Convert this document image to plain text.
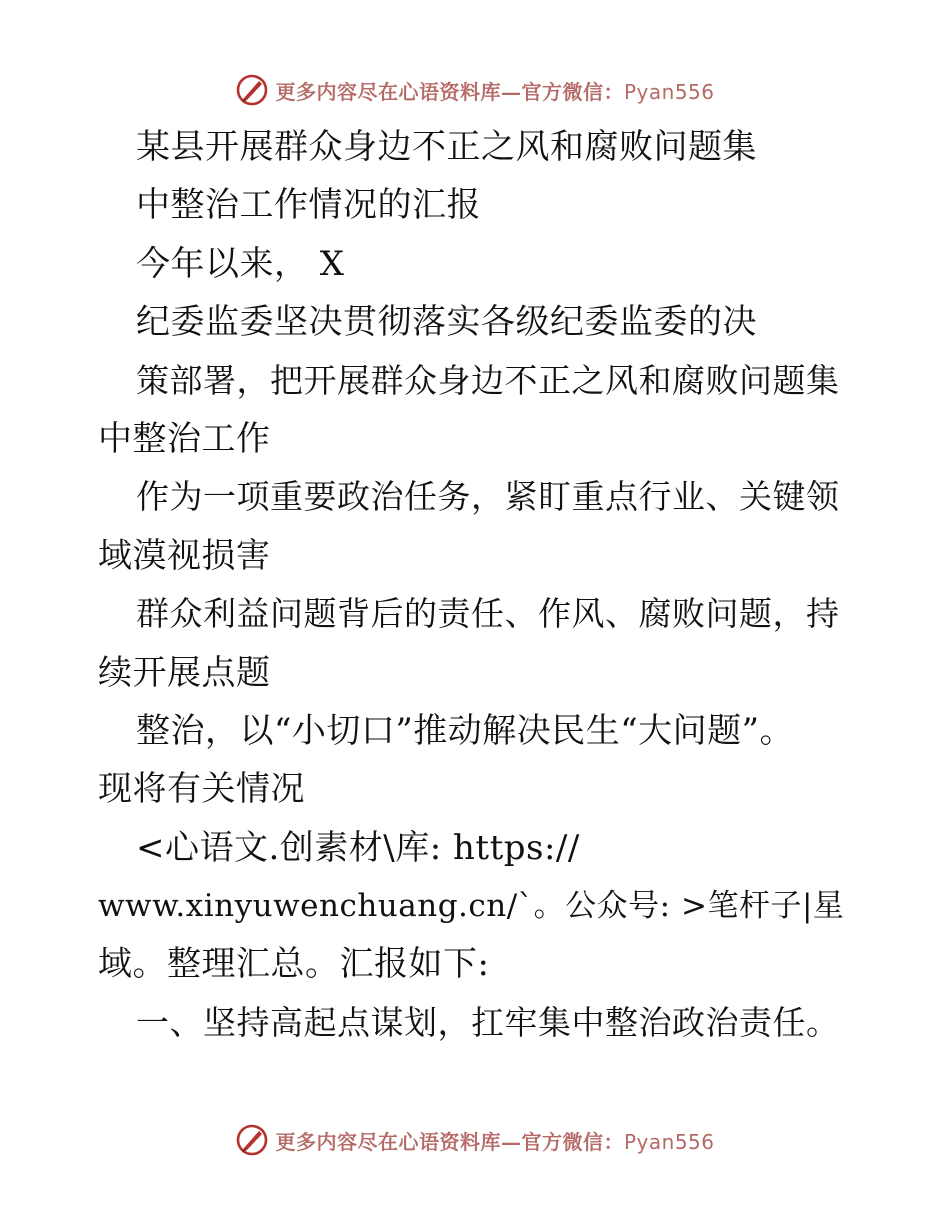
更多内容尽在心语资料库—官方微信：Pyan556
某县开展群众身边不正之风和腐败问题集
中整治工作情况的汇报
今年以来， X
纪委监委坚决贯彻落实各级纪委监委的决
策部署，把开展群众身边不正之风和腐败问题集
中整治工作
作为一项重要政治任务，紧盯重点行业、关键领
域漠视损害
群众利益问题背后的责任、作风、腐败问题，持
续开展点题
整治，以“小切口”推动解决民生“大问题”。
现将有关情况
<心语文.创素材\库: https://
www.xinyuwenchuang.cn/`。公众号: >笔杆子|星
域。整理汇总。汇报如下:
一、坚持高起点谋划，扛牢集中整治政治责任。
更多内容尽在心语资料库—官方微信：Pyan556
